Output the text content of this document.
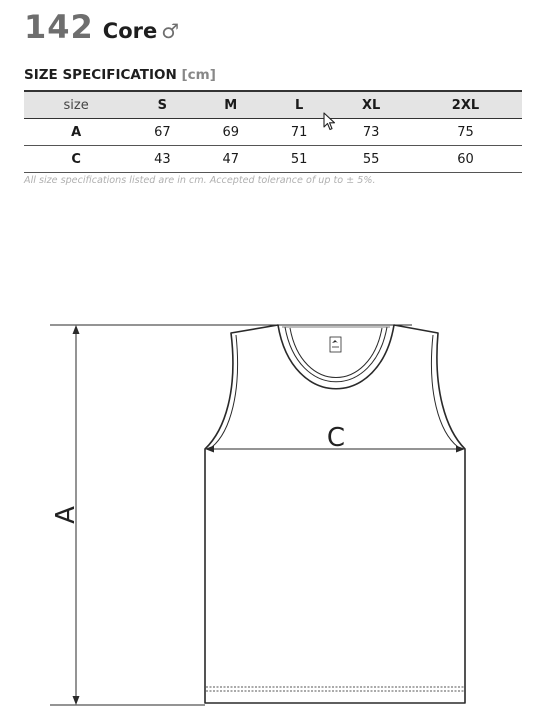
142 Core ♂
SIZE SPECIFICATION [cm]
size	S	M	L	XL	2XL
A	67	69	71	73	75
C	43	47	51	55	60
All size specifications listed are in cm. Accepted tolerance of up to ± 5%.
A
C
